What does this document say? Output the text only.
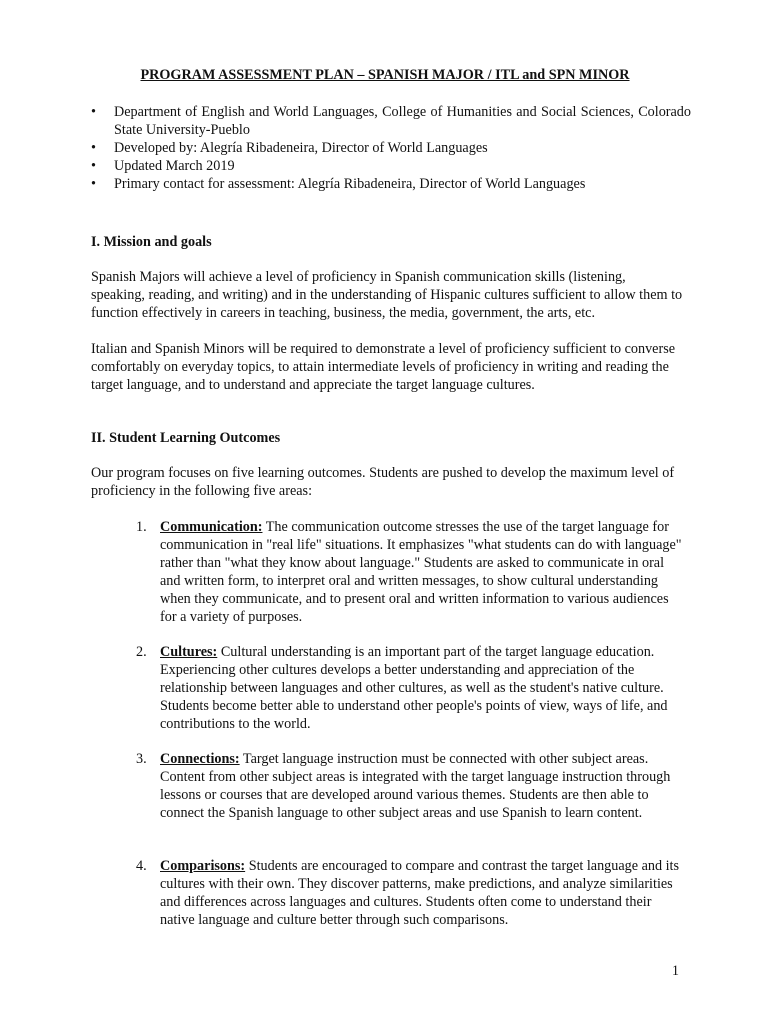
PROGRAM ASSESSMENT PLAN – SPANISH MAJOR / ITL and SPN MINOR
• Department of English and World Languages, College of Humanities and Social Sciences, Colorado State University-Pueblo
• Developed by: Alegría Ribadeneira, Director of World Languages
• Updated March 2019
• Primary contact for assessment: Alegría Ribadeneira, Director of World Languages
I. Mission and goals

Spanish Majors will achieve a level of proficiency in Spanish communication skills (listening, speaking, reading, and writing) and in the understanding of Hispanic cultures sufficient to allow them to function effectively in careers in teaching, business, the media, government, the arts, etc.

Italian and Spanish Minors will be required to demonstrate a level of proficiency sufficient to converse comfortably on everyday topics, to attain intermediate levels of proficiency in writing and reading the target language, and to understand and appreciate the target language cultures.

II. Student Learning Outcomes

Our program focuses on five learning outcomes. Students are pushed to develop the maximum level of proficiency in the following five areas:

1. Communication: The communication outcome stresses the use of the target language for communication in "real life" situations. It emphasizes "what students can do with language" rather than "what they know about language." Students are asked to communicate in oral and written form, to interpret oral and written messages, to show cultural understanding when they communicate, and to present oral and written information to various audiences for a variety of purposes.
2. Cultures: Cultural understanding is an important part of the target language education. Experiencing other cultures develops a better understanding and appreciation of the relationship between languages and other cultures, as well as the student's native culture. Students become better able to understand other people's points of view, ways of life, and contributions to the world.
3. Connections: Target language instruction must be connected with other subject areas. Content from other subject areas is integrated with the target language instruction through lessons or courses that are developed around various themes. Students are then able to connect the Spanish language to other subject areas and use Spanish to learn content.
4. Comparisons: Students are encouraged to compare and contrast the target language and its cultures with their own. They discover patterns, make predictions, and analyze similarities and differences across languages and cultures. Students often come to understand their native language and culture better through such comparisons.
1
